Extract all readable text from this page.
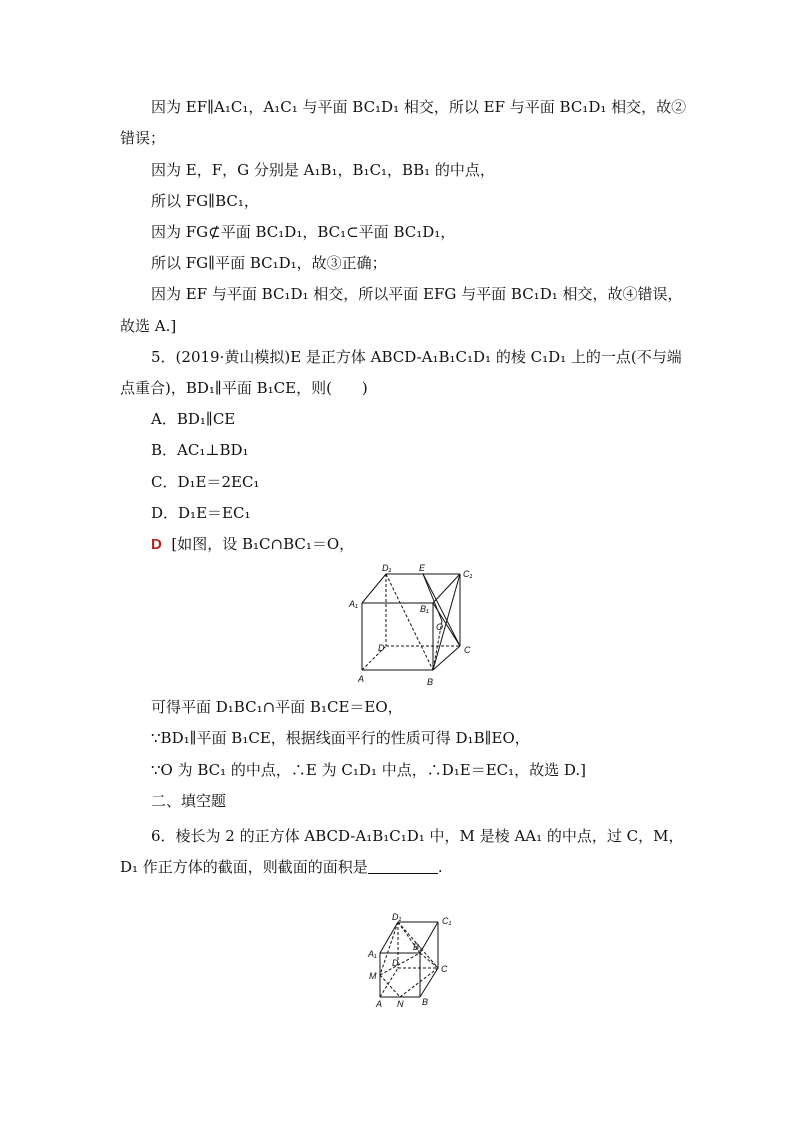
因为 EF∥A₁C₁，A₁C₁ 与平面 BC₁D₁ 相交，所以 EF 与平面 BC₁D₁ 相交，故②
错误；
因为 E，F，G 分别是 A₁B₁，B₁C₁，BB₁ 的中点，
所以 FG∥BC₁，
因为 FG⊄平面 BC₁D₁，BC₁⊂平面 BC₁D₁，
所以 FG∥平面 BC₁D₁，故③正确；
因为 EF 与平面 BC₁D₁ 相交，所以平面 EFG 与平面 BC₁D₁ 相交，故④错误，
故选 A.]
5．(2019·黄山模拟)E 是正方体 ABCD-A₁B₁C₁D₁ 的棱 C₁D₁ 上的一点(不与端
点重合)，BD₁∥平面 B₁CE，则(　　)
A．BD₁∥CE
B．AC₁⊥BD₁
C．D₁E＝2EC₁
D．D₁E＝EC₁
D [如图，设 B₁C∩BC₁＝O，
D₁	E
C₁
A₁	B₁
O
D	C
A	B
可得平面 D₁BC₁∩平面 B₁CE＝EO，
∵BD₁∥平面 B₁CE，根据线面平行的性质可得 D₁B∥EO，
∵O 为 BC₁ 的中点，∴E 为 C₁D₁ 中点，∴D₁E＝EC₁，故选 D.]
二、填空题
6．棱长为 2 的正方体 ABCD-A₁B₁C₁D₁ 中，M 是棱 AA₁ 的中点，过 C，M，
D₁ 作正方体的截面，则截面的面积是	.
D₁	C₁
A₁
B₁
D
C
M
A N B
